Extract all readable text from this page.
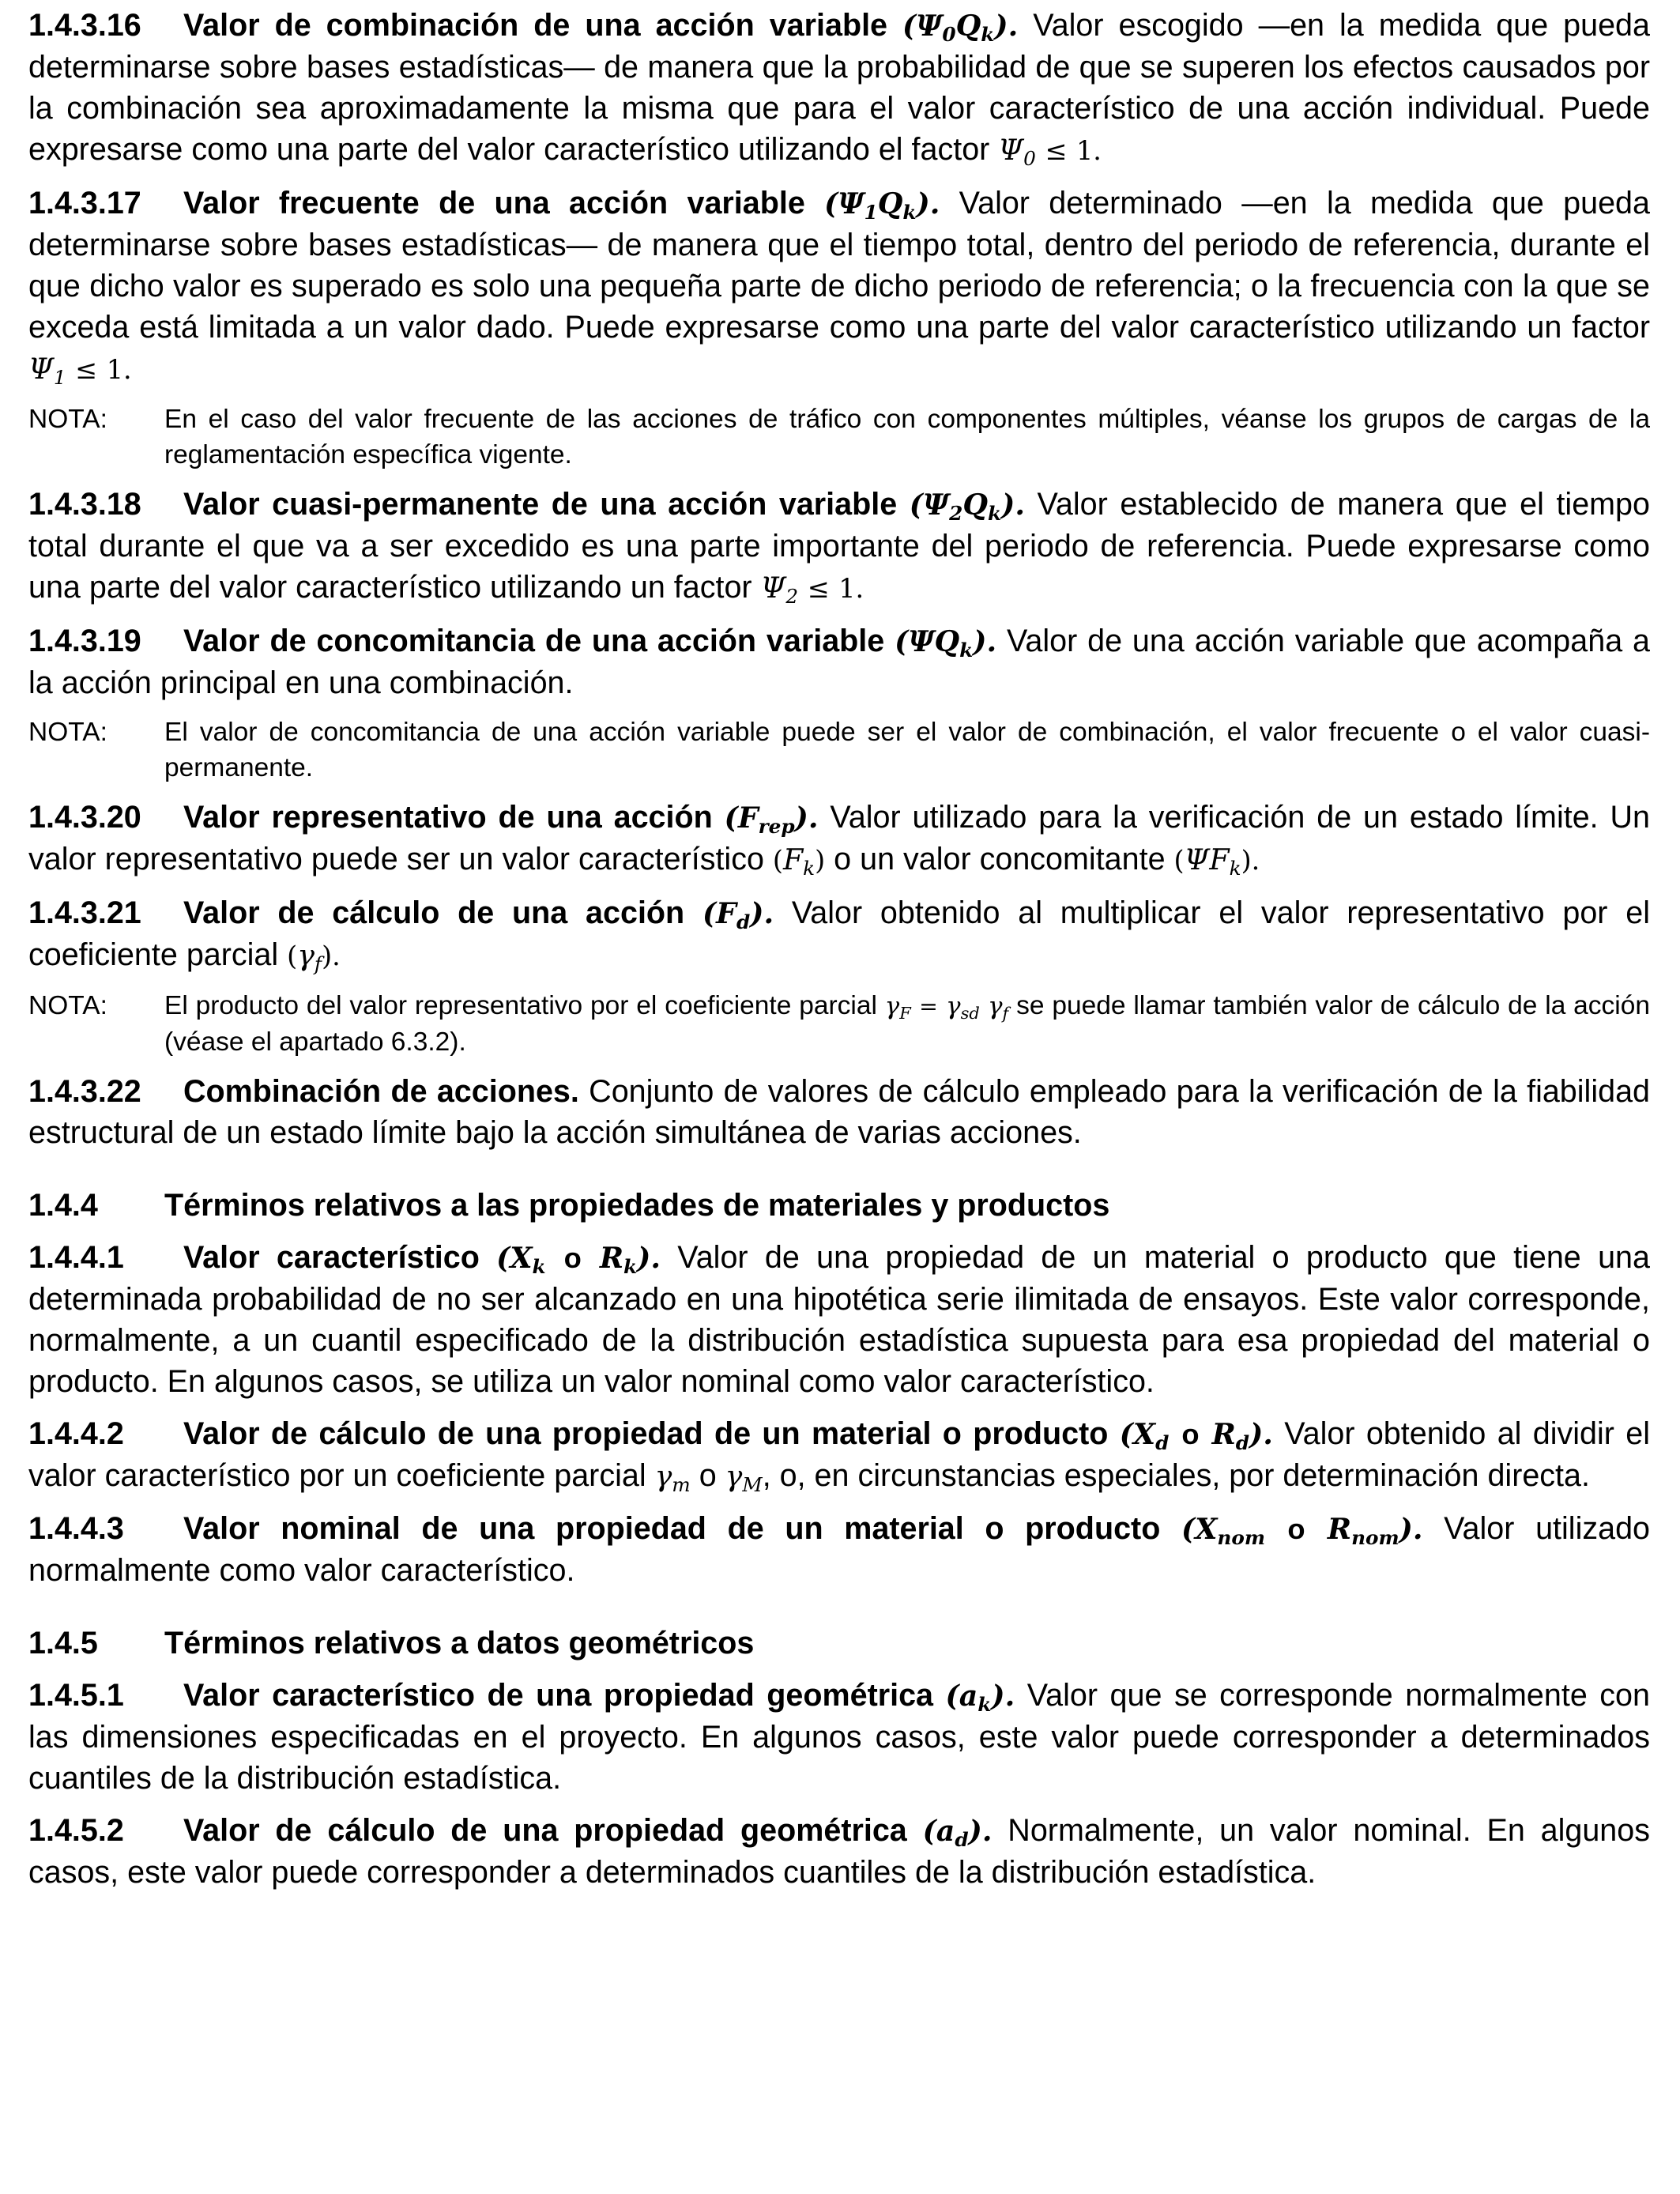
1.4.3.16 Valor de combinación de una acción variable $(\Psi_0Q_k)$. Valor escogido —en la medida que pueda determinarse sobre bases estadísticas— de manera que la probabilidad de que se superen los efectos causados por la combinación sea aproximadamente la misma que para el valor característico de una acción individual. Puede expresarse como una parte del valor característico utilizando el factor $\Psi_0 \le 1$.

1.4.3.17 Valor frecuente de una acción variable $(\Psi_1Q_k)$. Valor determinado —en la medida que pueda determinarse sobre bases estadísticas— de manera que el tiempo total, dentro del periodo de referencia, durante el que dicho valor es superado es solo una pequeña parte de dicho periodo de referencia; o la frecuencia con la que se exceda está limitada a un valor dado. Puede expresarse como una parte del valor característico utilizando un factor $\Psi_1 \le 1$.

NOTA:	En el caso del valor frecuente de las acciones de tráfico con componentes múltiples, véanse los grupos de cargas de la reglamentación específica vigente.

1.4.3.18 Valor cuasi-permanente de una acción variable $(\Psi_2Q_k)$. Valor establecido de manera que el tiempo total durante el que va a ser excedido es una parte importante del periodo de referencia. Puede expresarse como una parte del valor característico utilizando un factor $\Psi_2 \le 1$.

1.4.3.19 Valor de concomitancia de una acción variable $(\Psi Q_k)$. Valor de una acción variable que acompaña a la acción principal en una combinación.

NOTA:	El valor de concomitancia de una acción variable puede ser el valor de combinación, el valor frecuente o el valor cuasi-permanente.

1.4.3.20 Valor representativo de una acción $(F_{rep})$. Valor utilizado para la verificación de un estado límite. Un valor representativo puede ser un valor característico $(F_k)$ o un valor concomitante $(\Psi F_k)$.

1.4.3.21 Valor de cálculo de una acción $(F_d)$. Valor obtenido al multiplicar el valor representativo por el coeficiente parcial $(\gamma_f)$.

NOTA:	El producto del valor representativo por el coeficiente parcial $\gamma_F = \gamma_{sd}$ $\gamma_f$ se puede llamar también valor de cálculo de la acción (véase el apartado 6.3.2).

1.4.3.22 Combinación de acciones. Conjunto de valores de cálculo empleado para la verificación de la fiabilidad estructural de un estado límite bajo la acción simultánea de varias acciones.

1.4.4	Términos relativos a las propiedades de materiales y productos

1.4.4.1 Valor característico ($X_k$ o $R_k$). Valor de una propiedad de un material o producto que tiene una determinada probabilidad de no ser alcanzado en una hipotética serie ilimitada de ensayos. Este valor corresponde, normalmente, a un cuantil especificado de la distribución estadística supuesta para esa propiedad del material o producto. En algunos casos, se utiliza un valor nominal como valor característico.

1.4.4.2 Valor de cálculo de una propiedad de un material o producto ($X_d$ o $R_d$). Valor obtenido al dividir el valor característico por un coeficiente parcial $\gamma_m$ o $\gamma_M$, o, en circunstancias especiales, por determinación directa.

1.4.4.3 Valor nominal de una propiedad de un material o producto ($X_{nom}$ o $R_{nom}$). Valor utilizado normalmente como valor característico.

1.4.5	Términos relativos a datos geométricos

1.4.5.1 Valor característico de una propiedad geométrica $(a_k)$. Valor que se corresponde normalmente con las dimensiones especificadas en el proyecto. En algunos casos, este valor puede corresponder a determinados cuantiles de la distribución estadística.

1.4.5.2 Valor de cálculo de una propiedad geométrica $(a_d)$. Normalmente, un valor nominal. En algunos casos, este valor puede corresponder a determinados cuantiles de la distribución estadística.
